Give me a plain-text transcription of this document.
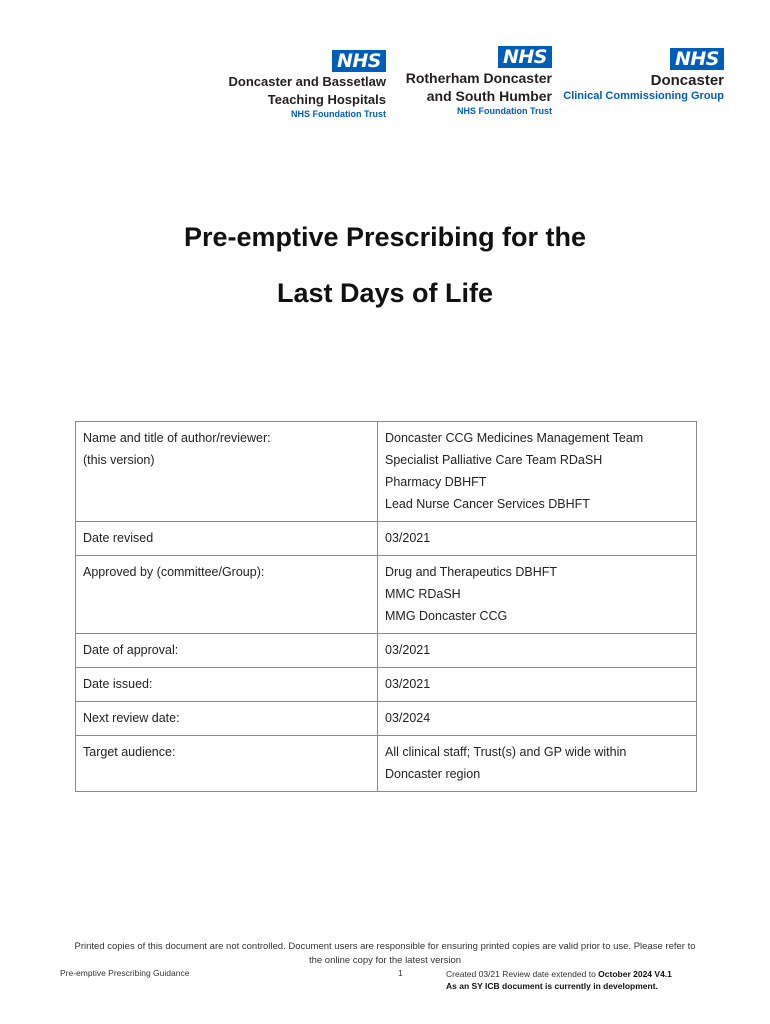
NHS
Doncaster and Bassetlaw
Teaching Hospitals
NHS Foundation Trust
NHS
Rotherham Doncaster
and South Humber
NHS Foundation Trust
NHS
Doncaster
Clinical Commissioning Group
Pre-emptive Prescribing for the
Last Days of Life
Name and title of author/reviewer:
(this version)	Doncaster CCG Medicines Management Team
Specialist Palliative Care Team RDaSH
Pharmacy DBHFT
Lead Nurse Cancer Services DBHFT

Date revised	03/2021

Approved by (committee/Group):	Drug and Therapeutics DBHFT
MMC RDaSH
MMG Doncaster CCG

Date of approval:	03/2021

Date issued:	03/2021

Next review date:	03/2024

Target audience:	All clinical staff; Trust(s) and GP wide within
Doncaster region
Printed copies of this document are not controlled. Document users are responsible for ensuring printed copies are valid prior to use. Please refer to
the online copy for the latest version
Pre-emptive Prescribing Guidance	1	Created 03/21 Review date extended to October 2024 V4.1
As an SY ICB document is currently in development.
